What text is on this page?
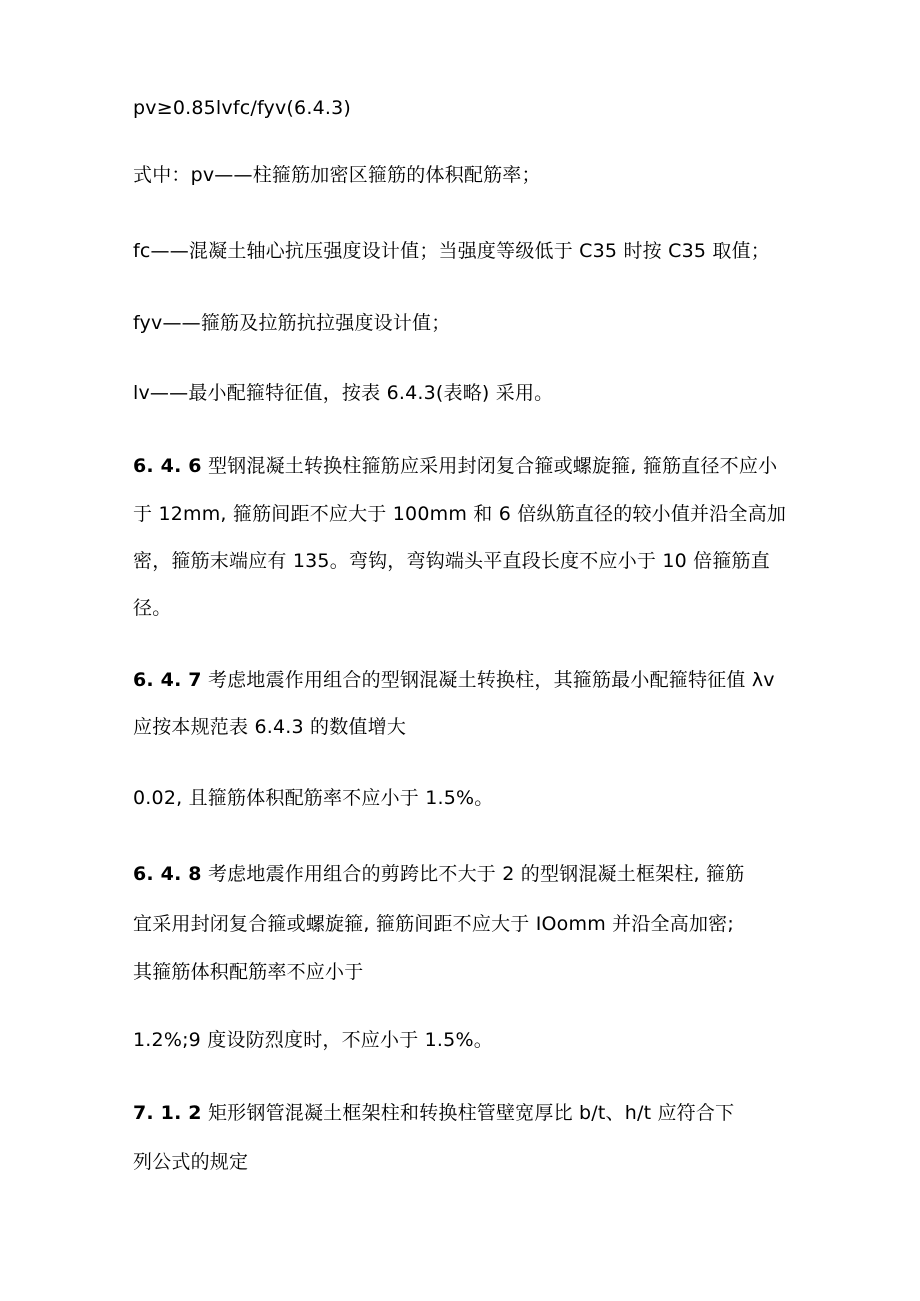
pv≥0.85lvfc/fyv(6.4.3)
式中：pv——柱箍筋加密区箍筋的体积配筋率；
fc——混凝土轴心抗压强度设计值；当强度等级低于 C35 时按 C35 取值；
fyv——箍筋及拉筋抗拉强度设计值；
lv——最小配箍特征值，按表 6.4.3(表略) 采用。
6. 4. 6 型钢混凝土转换柱箍筋应采用封闭复合箍或螺旋箍, 箍筋直径不应小
于 12mm, 箍筋间距不应大于 100mm 和 6 倍纵筋直径的较小值并沿全高加
密，箍筋末端应有 135。弯钩，弯钩端头平直段长度不应小于 10 倍箍筋直
径。
6. 4. 7 考虑地震作用组合的型钢混凝土转换柱，其箍筋最小配箍特征值 λv
应按本规范表 6.4.3 的数值增大
0.02, 且箍筋体积配筋率不应小于 1.5%。
6. 4. 8 考虑地震作用组合的剪跨比不大于 2 的型钢混凝土框架柱, 箍筋
宜采用封闭复合箍或螺旋箍, 箍筋间距不应大于 IOomm 并沿全高加密;
其箍筋体积配筋率不应小于
1.2%;9 度设防烈度时，不应小于 1.5%。
7. 1. 2 矩形钢管混凝土框架柱和转换柱管壁宽厚比 b/t、h/t 应符合下
列公式的规定
